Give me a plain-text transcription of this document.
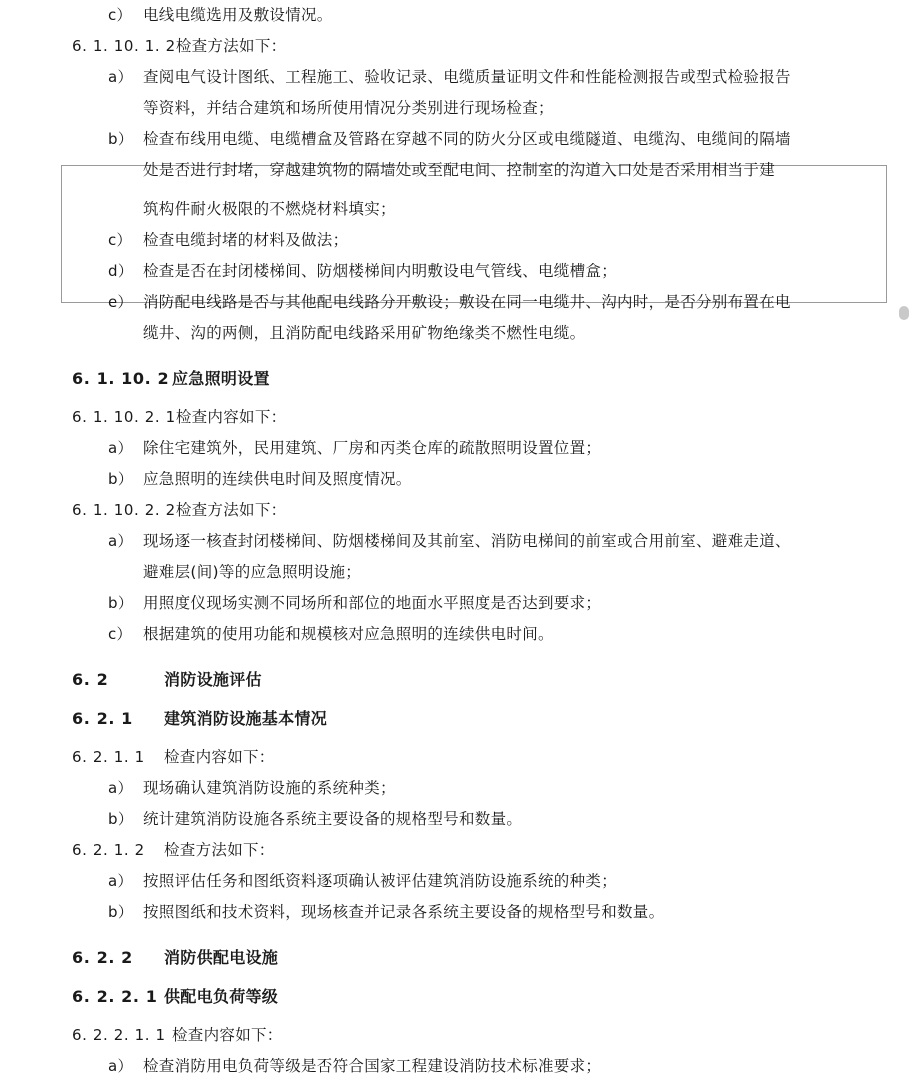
c） 电线电缆选用及敷设情况。
6. 1. 10. 1. 2 检查方法如下：
a） 查阅电气设计图纸、工程施工、验收记录、电缆质量证明文件和性能检测报告或型式检验报告
等资料，并结合建筑和场所使用情况分类别进行现场检查；
b） 检查布线用电缆、电缆槽盒及管路在穿越不同的防火分区或电缆隧道、电缆沟、电缆间的隔墙
处是否进行封堵，穿越建筑物的隔墙处或至配电间、控制室的沟道入口处是否采用相当于建
筑构件耐火极限的不燃烧材料填实；
c） 检查电缆封堵的材料及做法；
d） 检查是否在封闭楼梯间、防烟楼梯间内明敷设电气管线、电缆槽盒；
e） 消防配电线路是否与其他配电线路分开敷设；敷设在同一电缆井、沟内时，是否分别布置在电
缆井、沟的两侧，且消防配电线路采用矿物绝缘类不燃性电缆。
6. 1. 10. 2 应急照明设置
6. 1. 10. 2. 1 检查内容如下：
a） 除住宅建筑外，民用建筑、厂房和丙类仓库的疏散照明设置位置；
b） 应急照明的连续供电时间及照度情况。
6. 1. 10. 2. 2 检查方法如下：
a） 现场逐一核查封闭楼梯间、防烟楼梯间及其前室、消防电梯间的前室或合用前室、避难走道、
避难层(间)等的应急照明设施；
b） 用照度仪现场实测不同场所和部位的地面水平照度是否达到要求；
c） 根据建筑的使用功能和规模核对应急照明的连续供电时间。
6. 2	消防设施评估
6. 2. 1	建筑消防设施基本情况
6. 2. 1. 1	检查内容如下：
a） 现场确认建筑消防设施的系统种类；
b） 统计建筑消防设施各系统主要设备的规格型号和数量。
6. 2. 1. 2	检查方法如下：
a） 按照评估任务和图纸资料逐项确认被评估建筑消防设施系统的种类；
b） 按照图纸和技术资料，现场核查并记录各系统主要设备的规格型号和数量。
6. 2. 2	消防供配电设施
6. 2. 2. 1 供配电负荷等级
6. 2. 2. 1. 1 检查内容如下：
a） 检查消防用电负荷等级是否符合国家工程建设消防技术标准要求；
